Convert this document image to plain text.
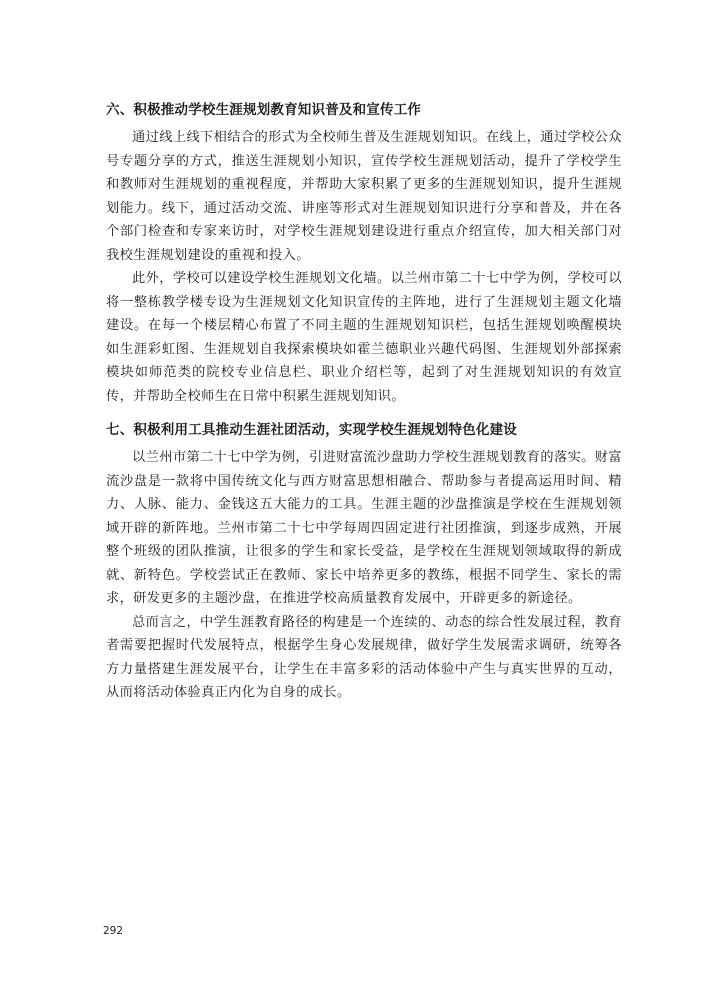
六、积极推动学校生涯规划教育知识普及和宣传工作

通过线上线下相结合的形式为全校师生普及生涯规划知识。在线上，通过学校公众号专题分享的方式，推送生涯规划小知识，宣传学校生涯规划活动，提升了学校学生和教师对生涯规划的重视程度，并帮助大家积累了更多的生涯规划知识，提升生涯规划能力。线下，通过活动交流、讲座等形式对生涯规划知识进行分享和普及，并在各个部门检查和专家来访时，对学校生涯规划建设进行重点介绍宣传，加大相关部门对我校生涯规划建设的重视和投入。

此外，学校可以建设学校生涯规划文化墙。以兰州市第二十七中学为例，学校可以将一整栋教学楼专设为生涯规划文化知识宣传的主阵地，进行了生涯规划主题文化墙建设。在每一个楼层精心布置了不同主题的生涯规划知识栏，包括生涯规划唤醒模块如生涯彩虹图、生涯规划自我探索模块如霍兰德职业兴趣代码图、生涯规划外部探索模块如师范类的院校专业信息栏、职业介绍栏等，起到了对生涯规划知识的有效宣传，并帮助全校师生在日常中积累生涯规划知识。

七、积极利用工具推动生涯社团活动，实现学校生涯规划特色化建设

以兰州市第二十七中学为例，引进财富流沙盘助力学校生涯规划教育的落实。财富流沙盘是一款将中国传统文化与西方财富思想相融合、帮助参与者提高运用时间、精力、人脉、能力、金钱这五大能力的工具。生涯主题的沙盘推演是学校在生涯规划领域开辟的新阵地。兰州市第二十七中学每周四固定进行社团推演，到逐步成熟，开展整个班级的团队推演，让很多的学生和家长受益，是学校在生涯规划领域取得的新成就、新特色。学校尝试正在教师、家长中培养更多的教练，根据不同学生、家长的需求，研发更多的主题沙盘，在推进学校高质量教育发展中，开辟更多的新途径。

总而言之，中学生涯教育路径的构建是一个连续的、动态的综合性发展过程，教育者需要把握时代发展特点，根据学生身心发展规律，做好学生发展需求调研，统筹各方力量搭建生涯发展平台，让学生在丰富多彩的活动体验中产生与真实世界的互动，从而将活动体验真正内化为自身的成长。

292
